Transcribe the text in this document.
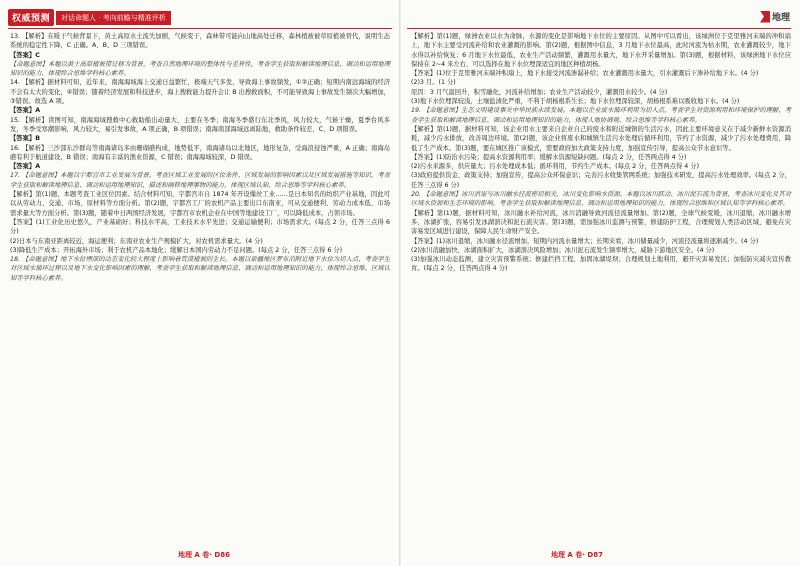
权威预测	对话命题人 · 考向前瞻与精准评析

13. 【解析】在暖干气候背景下，黄土高原水土流失加剧，气候变干，森林带可能向山地高处迁移，森林植被被草原植被替代，说明生态系统的稳定性下降，C 正确。A、B、D 三项错误。

【答案】C

【命题意图】本题以黄土高原植被带迁移为背景，考查自然地理环境的整体性与差异性，考查学生获取和解读地理信息、调动和运用地理知识的能力，体现综合思维学科核心素养。

14. 【解析】据材料可知，近年来，南海海域海上交通日益繁忙，极端天气多发，导致海上事故频发，①②正确；短期内南远海域的经济不会有太大的变化，④错误；随着经济发展和科技进步，海上搜救能力提升会让 B 出搜救面积，不可能导致海上事故发生频次大幅增加，③错误。故选 A 项。

【答案】A

15. 【解析】读图可知，南海海域搜救中心救助船出动量大，主要在冬季；南海冬季盛行东北季风，风力较大，气候干燥，夏季台风多发，冬季受寒潮影响，风力较大，易引发事故，A 项正确，B 项错误；南海南部海域远离陆地，救助条件较差，C、D 项错误。

【答案】B

16. 【解析】三沙部东沙群岛等南海诸岛多由珊瑚礁构成，地势低平，南海诸岛以北地区，地形复杂，受海浪侵蚀严重，A 正确；南海岛礁有利于航道建设，B 错误；南海有丰富的渔业资源，C 错误；南海海域较深，D 错误。

【答案】A

17. 【命题意图】本题以宇都宫市工业发展为背景，考查区域工业发展的区位条件、区域发展的影响因素以及区域发展措施等知识，考查学生获取和解读地理信息、调动和运用地理知识、描述和阐释地理事物的能力，体现区域认知、综合思维等学科核心素养。

【解析】第(1)题，本题考查工业区位因素。结合材料可知，宇都宫市自 1874 年开设缫丝工业……是日本知名的纺织产业基地，因此可以从劳动力、交通、市场、原材料等方面分析。第(2)题，宇都宫工厂的农机产品主要出口东南亚，可从交通便利、劳动力成本低、市场需求量大等方面分析。第(3)题，随着中日两国经济发展，宇都宫市农机企业在中国等地建设工厂，可以降低成本，占领市场。

【答案】(1)工业化历史悠久，产业基础好；科技水平高，工业技术水平先进；交通运输便利；市场需求大。(每点 2 分，任答三点得 6 分)

(2)日本与东南亚距离较近，海运便利；东南亚农业生产规模扩大，对农机需求量大。(4 分)

(3)降低生产成本；开拓海外市场；利于农机产品本地化；缓解日本国内劳动力不足问题。(每点 2 分，任答三点得 6 分)

18. 【命题意图】地下水位埋深的动态变化较大程度上影响着荒漠植被的生长。本题以新疆地区罗布泊附近地下水位为切入点，考查学生对区域水循环过程以及地下水变化影响因素的理解，考查学生获取和解读地理信息、调动和运用地理知识的能力，体现综合思维、区域认知等学科核心素养。

地理 A 卷· D86
地理

【解析】第(1)题，绿洲农业以水为命脉，水源的变化是影响地下水位的主要原因。从图中可以看出，该绿洲位于克里雅河末端的冲积扇上，地下水主要受河流补给和农业灌溉的影响。第(2)题，根据图中信息，3 月地下水位最高，此时河流为枯水期，农业灌溉较少，地下水得以补给恢复；6 月地下水位最低，农业生产活动频繁，灌溉用水量大，地下水开采量增加。第(3)题，根据材料，该绿洲地下水位应保持在 2~4 米左右，可以选择在地下水位埋深适宜的地区种植胡杨。

【答案】(1)位于克里雅河末端冲积扇上，地下水接受河流渗漏补给；农业灌溉用水量大，引水灌溉后下渗补给地下水。(4 分)

(2)3 月。(1 分)

原因：3 月气温回升，积雪融化，河流补给增加；农业生产活动较少，灌溉用水较少。(4 分)

(3)地下水位埋深较浅，土壤盐渍化严重，不利于胡杨根系生长；地下水位埋深较深，胡杨根系难以吸收地下水。(4 分)

19. 【命题意图】生态文明建设事关中华民族永续发展。本题以企业废水循环利用为切入点，考查学生对资源利用和环境保护的理解，考查学生获取和解读地理信息、调动和运用地理知识的能力，体现人地协调观、综合思维等学科核心素养。

【解析】第(1)题，据材料可知，该企业用水主要来自企业自己的废水和附近城镇的生活污水，因此主要环境意义在于减少新鲜水资源消耗，减少污水排放，改善周边环境。第(2)题，该企业将废水和城镇生活污水处理后循环利用，节约了水资源，减少了污水处理费用，降低了生产成本。第(3)题，要在城区推广该模式，需要政府加大政策支持力度，加强宣传引导，提高公众节水意识等。

【答案】(1)防治水污染；提高水资源利用率；缓解水资源短缺问题。(每点 2 分，任答两点得 4 分)

(2)污水来源多，供应量大；污水处理成本低；循环利用，节约生产成本。(每点 2 分，任答两点得 4 分)

(3)政府提供资金、政策支持；加强宣传，提高公众环保意识；完善污水收集管网系统；加强技术研发，提高污水处理效率。(每点 2 分，任答三点得 6 分)

20. 【命题意图】冰川消退与冰川融水径流密切相关，冰川变化影响水资源。本题以冰川跃动、冰川泥石流为背景，考查冰川变化及其对区域水资源和生态环境的影响，考查学生获取和解读地理信息、调动和运用地理知识的能力，体现综合思维和区域认知等学科核心素养。

【解析】第(1)题，据材料可知，冰川融水补给河流，冰川消融导致河流径流量增加。第(2)题，全球气候变暖，冰川退缩，冰川融水增多，冰湖扩张，容易引发冰湖溃决和泥石流灾害。第(3)题，需加强冰川监测与预警，修建防护工程，合理规划人类活动区域，避免在灾害易发区域进行建设，保障人民生命财产安全。

【答案】(1)冰川退缩，冰川融水径流增加，短期内河流水量增大；长期来看，冰川储量减少，河流径流量将逐渐减少。(4 分)

(2)冰川消融加快，冰湖面积扩大，冰湖溃决风险增加；冰川泥石流发生频率增大，威胁下游地区安全。(4 分)

(3)加强冰川动态监测，建立灾害预警系统；修建拦挡工程，加固冰湖堤坝；合理规划土地利用，避开灾害易发区；加强防灾减灾宣传教育。(每点 2 分，任答两点得 4 分)

地理 A 卷· D87
